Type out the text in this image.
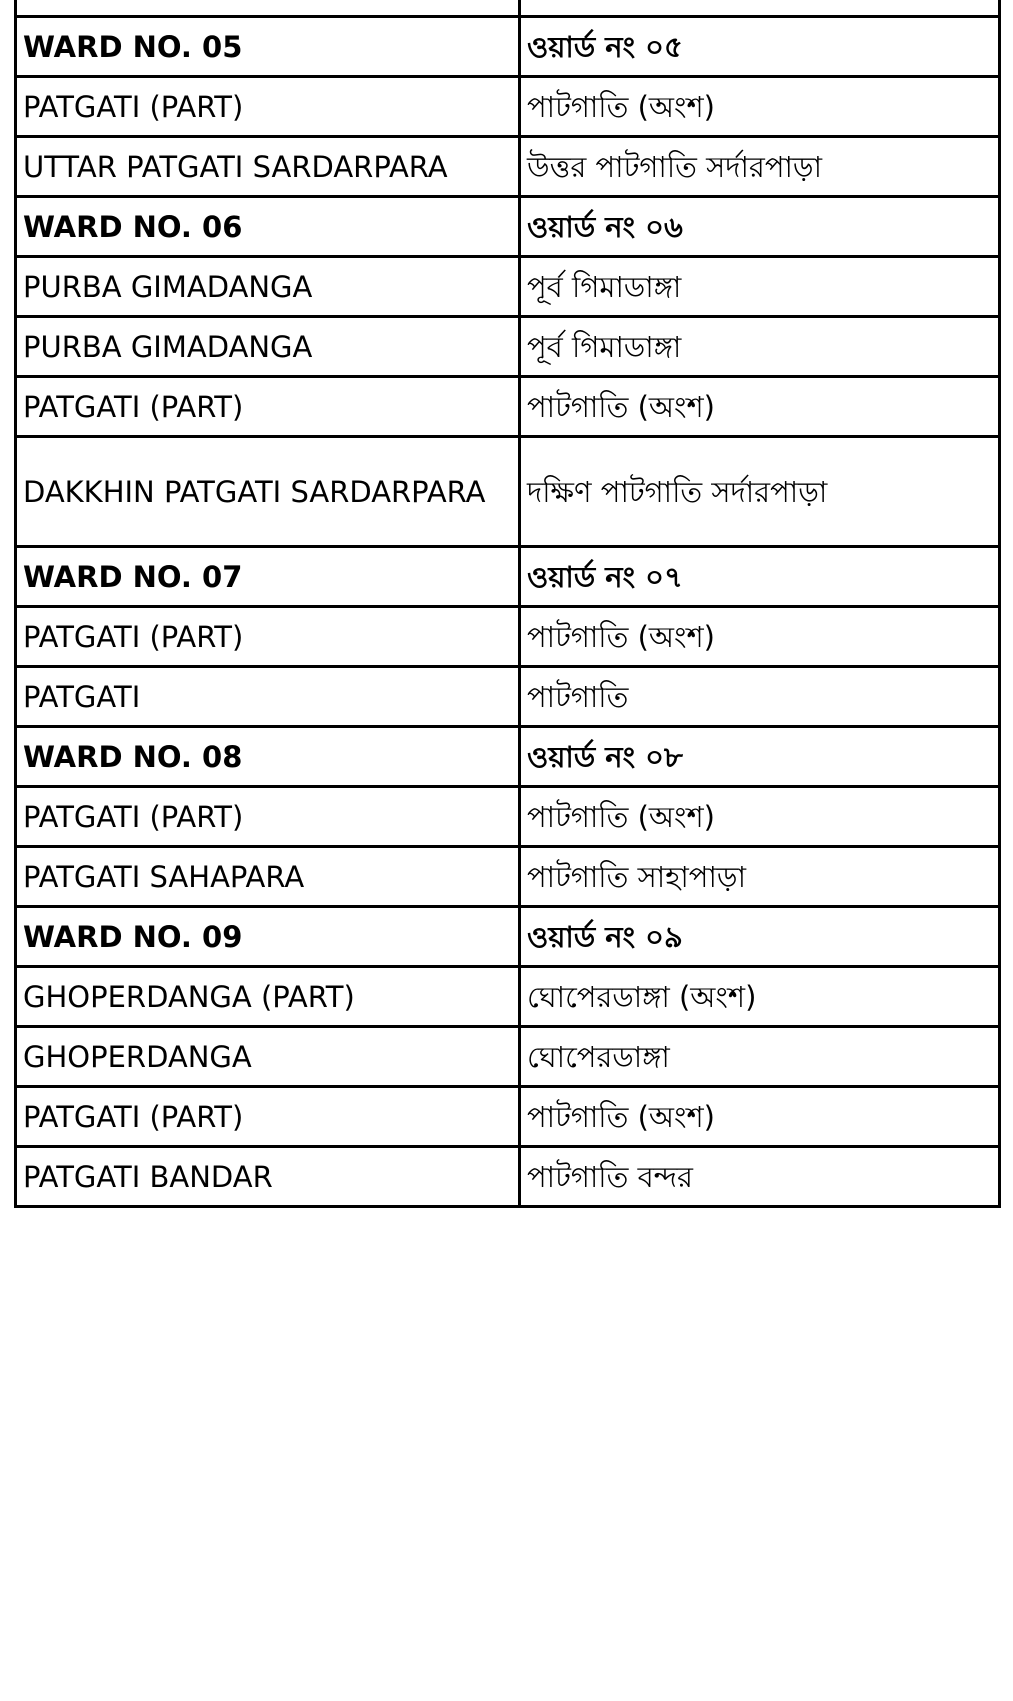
WARD NO. 05	ওয়ার্ড নং ০৫
PATGATI (PART)	পাটগাতি (অংশ)
UTTAR PATGATI SARDARPARA	উত্তর পাটগাতি সর্দারপাড়া
WARD NO. 06	ওয়ার্ড নং ০৬
PURBA GIMADANGA	পূর্ব গিমাডাঙ্গা
PURBA GIMADANGA	পূর্ব গিমাডাঙ্গা
PATGATI (PART)	পাটগাতি (অংশ)
DAKKHIN PATGATI SARDARPARA	দক্ষিণ পাটগাতি সর্দারপাড়া
WARD NO. 07	ওয়ার্ড নং ০৭
PATGATI (PART)	পাটগাতি (অংশ)
PATGATI	পাটগাতি
WARD NO. 08	ওয়ার্ড নং ০৮
PATGATI (PART)	পাটগাতি (অংশ)
PATGATI SAHAPARA	পাটগাতি সাহাপাড়া
WARD NO. 09	ওয়ার্ড নং ০৯
GHOPERDANGA (PART)	ঘোপেরডাঙ্গা (অংশ)
GHOPERDANGA	ঘোপেরডাঙ্গা
PATGATI (PART)	পাটগাতি (অংশ)
PATGATI BANDAR	পাটগাতি বন্দর
